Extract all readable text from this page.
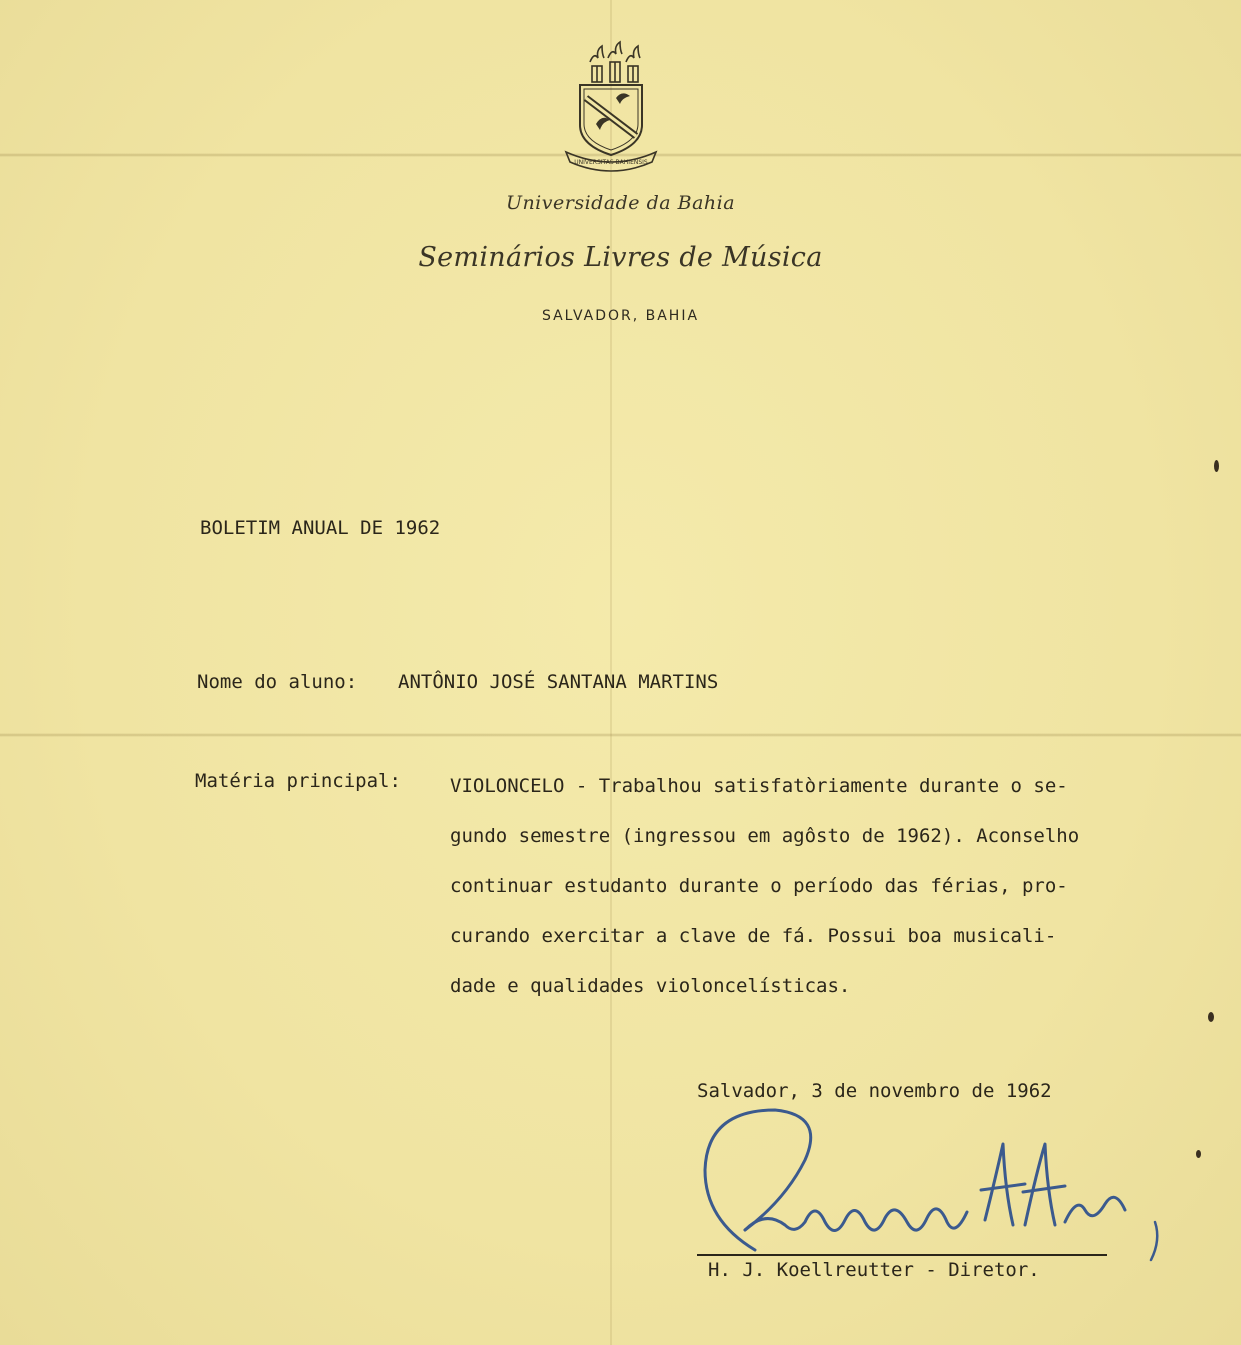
UNIVERSITAS BAHIENSIS
Universidade da Bahia
Seminários Livres de Música
SALVADOR, BAHIA
BOLETIM ANUAL DE 1962
Nome do aluno: ANTÔNIO JOSÉ SANTANA MARTINS
Matéria principal:	VIOLONCELO - Trabalhou satisfatòriamente durante o se-
gundo semestre (ingressou em agôsto de 1962). Aconselho
continuar estudanto durante o período das férias, pro-
curando exercitar a clave de fá. Possui boa musicali-
dade e qualidades violoncelísticas.
Salvador, 3 de novembro de 1962
H. J. Koellreutter - Diretor.
